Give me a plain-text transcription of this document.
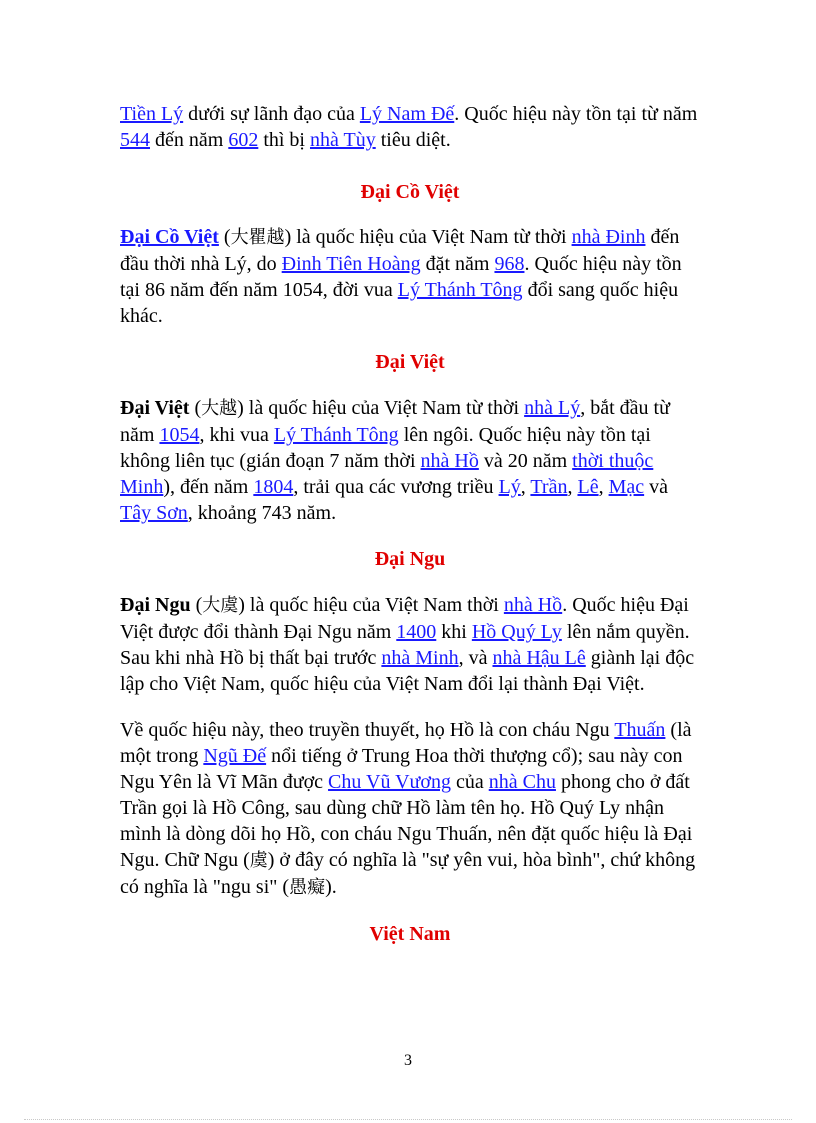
Tiền Lý dưới sự lãnh đạo của Lý Nam Đế. Quốc hiệu này tồn tại từ năm 544 đến năm 602 thì bị nhà Tùy tiêu diệt.

Đại Cồ Việt

Đại Cồ Việt (大瞿越) là quốc hiệu của Việt Nam từ thời nhà Đinh đến đầu thời nhà Lý, do Đinh Tiên Hoàng đặt năm 968. Quốc hiệu này tồn tại 86 năm đến năm 1054, đời vua Lý Thánh Tông đổi sang quốc hiệu khác.

Đại Việt

Đại Việt (大越) là quốc hiệu của Việt Nam từ thời nhà Lý, bắt đầu từ năm 1054, khi vua Lý Thánh Tông lên ngôi. Quốc hiệu này tồn tại không liên tục (gián đoạn 7 năm thời nhà Hồ và 20 năm thời thuộc Minh), đến năm 1804, trải qua các vương triều Lý, Trần, Lê, Mạc và Tây Sơn, khoảng 743 năm.

Đại Ngu

Đại Ngu (大虞) là quốc hiệu của Việt Nam thời nhà Hồ. Quốc hiệu Đại Việt được đổi thành Đại Ngu năm 1400 khi Hồ Quý Ly lên nắm quyền. Sau khi nhà Hồ bị thất bại trước nhà Minh, và nhà Hậu Lê giành lại độc lập cho Việt Nam, quốc hiệu của Việt Nam đổi lại thành Đại Việt.

Về quốc hiệu này, theo truyền thuyết, họ Hồ là con cháu Ngu Thuấn (là một trong Ngũ Đế nổi tiếng ở Trung Hoa thời thượng cổ); sau này con Ngu Yên là Vĩ Mãn được Chu Vũ Vương của nhà Chu phong cho ở đất Trần gọi là Hồ Công, sau dùng chữ Hồ làm tên họ. Hồ Quý Ly nhận mình là dòng dõi họ Hồ, con cháu Ngu Thuấn, nên đặt quốc hiệu là Đại Ngu. Chữ Ngu (虞) ở đây có nghĩa là "sự yên vui, hòa bình", chứ không có nghĩa là "ngu si" (愚癡).

Việt Nam
3
